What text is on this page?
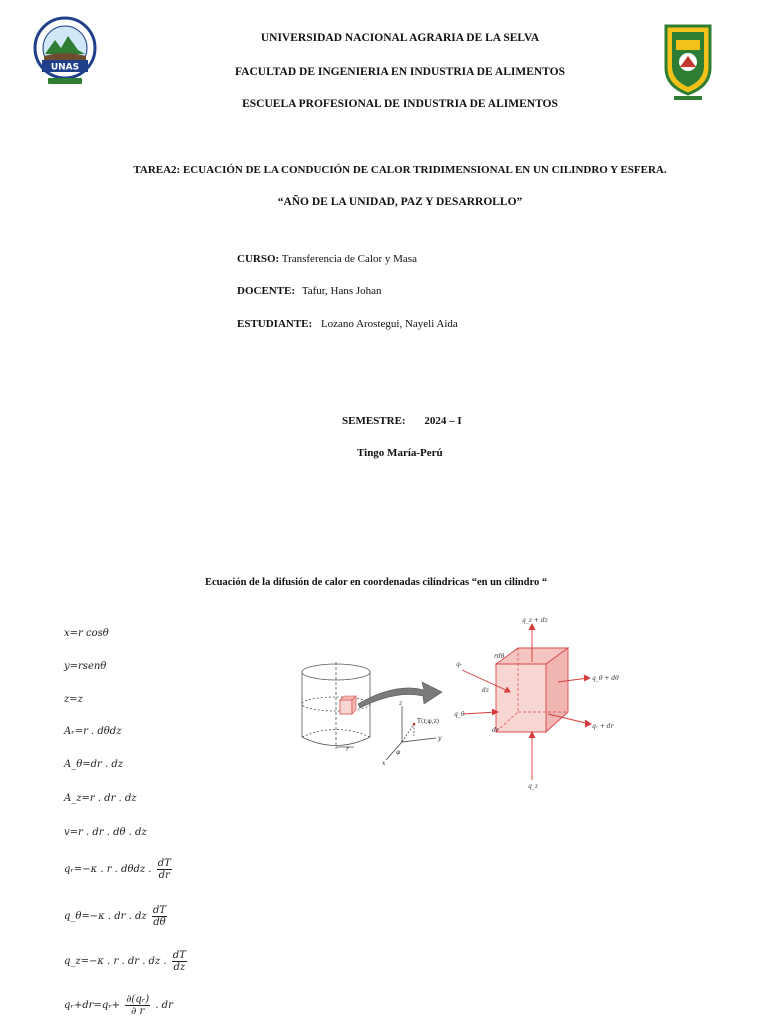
UNAS
UNIVERSIDAD NACIONAL AGRARIA DE LA SELVA
FACULTAD DE INGENIERIA EN INDUSTRIA DE ALIMENTOS
ESCUELA PROFESIONAL DE INDUSTRIA DE ALIMENTOS
TAREA2: ECUACIÓN DE LA CONDUCIÓN DE CALOR TRIDIMENSIONAL EN UN CILINDRO Y ESFERA.
“AÑO DE LA UNIDAD, PAZ Y DESARROLLO”
CURSO: Transferencia de Calor y Masa
DOCENTE: Tafur, Hans Johan
ESTUDIANTE: Lozano Arostegui, Nayeli Aida
SEMESTRE: 2024 – I
Tingo María-Perú
Ecuación de la difusión de calor en coordenadas cilíndricas “en un cilindro “
x=r cosθ
y=rsenθ
z=z
Aᵣ=r . dθdz
A_θ=dr . dz
A_z=r . dr . dz
v=r . dr . dθ . dz
qᵣ=−κ . r . dθdz . $\frac{dT}{dr}$
q_θ=−κ . dr . dz $\frac{dT}{d\theta}$
q_z=−κ . r . dr . dz . $\frac{dT}{dz}$
qᵣ+dr=qᵣ+ $\frac{\text{∂(qᵣ)}}{\partial r}$ . dr
r
T(r,φ,z)
z
y
x
φ
q_z + dz
rdθ
qᵣ
dz
q_θ
dr
q_θ + dθ
qᵣ + dr
q_z
